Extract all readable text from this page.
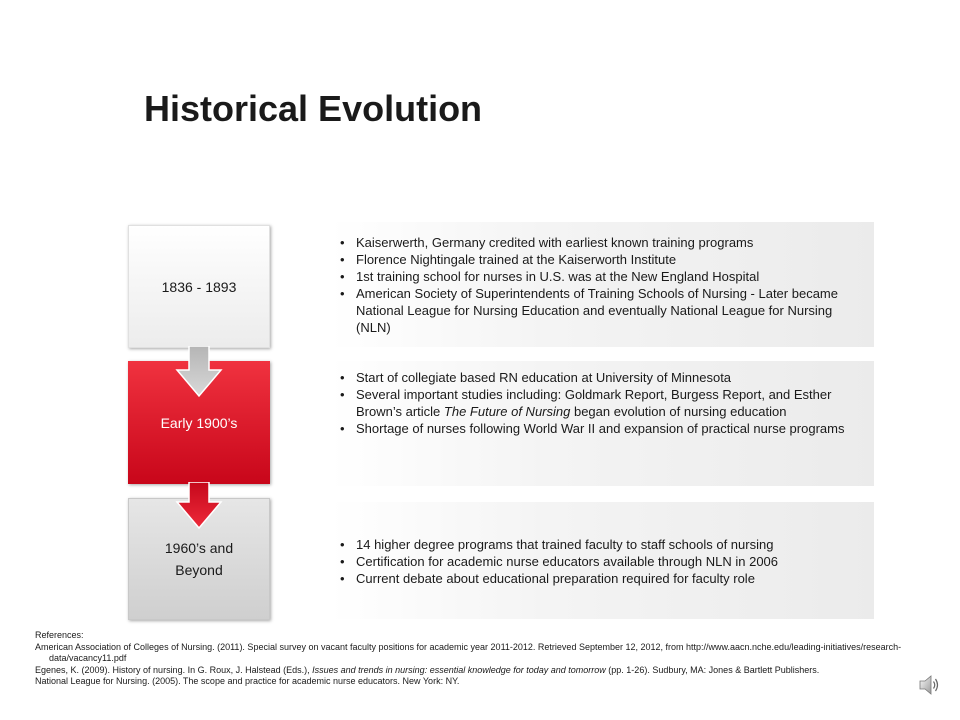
Historical Evolution
1836 - 1893
Early 1900’s
1960’s and
Beyond
• Kaiserwerth, Germany credited with earliest known training programs
• Florence Nightingale trained at the Kaiserworth Institute
• 1st training school for nurses in U.S. was at the New England Hospital
• American Society of Superintendents of Training Schools of Nursing - Later became National League for Nursing Education and eventually National League for Nursing (NLN)
• Start of collegiate based RN education at University of Minnesota
• Several important studies including: Goldmark Report, Burgess Report, and Esther Brown’s article The Future of Nursing began evolution of nursing education
• Shortage of nurses following World War II and expansion of practical nurse programs
• 14 higher degree programs that trained faculty to staff schools of nursing
• Certification for academic nurse educators available through NLN in 2006
• Current debate about educational preparation required for faculty role
References:
American Association of Colleges of Nursing. (2011). Special survey on vacant faculty positions for academic year 2011-2012. Retrieved September 12, 2012, from http://www.aacn.nche.edu/leading-initiatives/research-data/vacancy11.pdf
Egenes, K. (2009). History of nursing. In G. Roux, J. Halstead (Eds.), Issues and trends in nursing: essential knowledge for today and tomorrow (pp. 1-26). Sudbury, MA: Jones & Bartlett Publishers.
National League for Nursing. (2005). The scope and practice for academic nurse educators. New York: NY.
